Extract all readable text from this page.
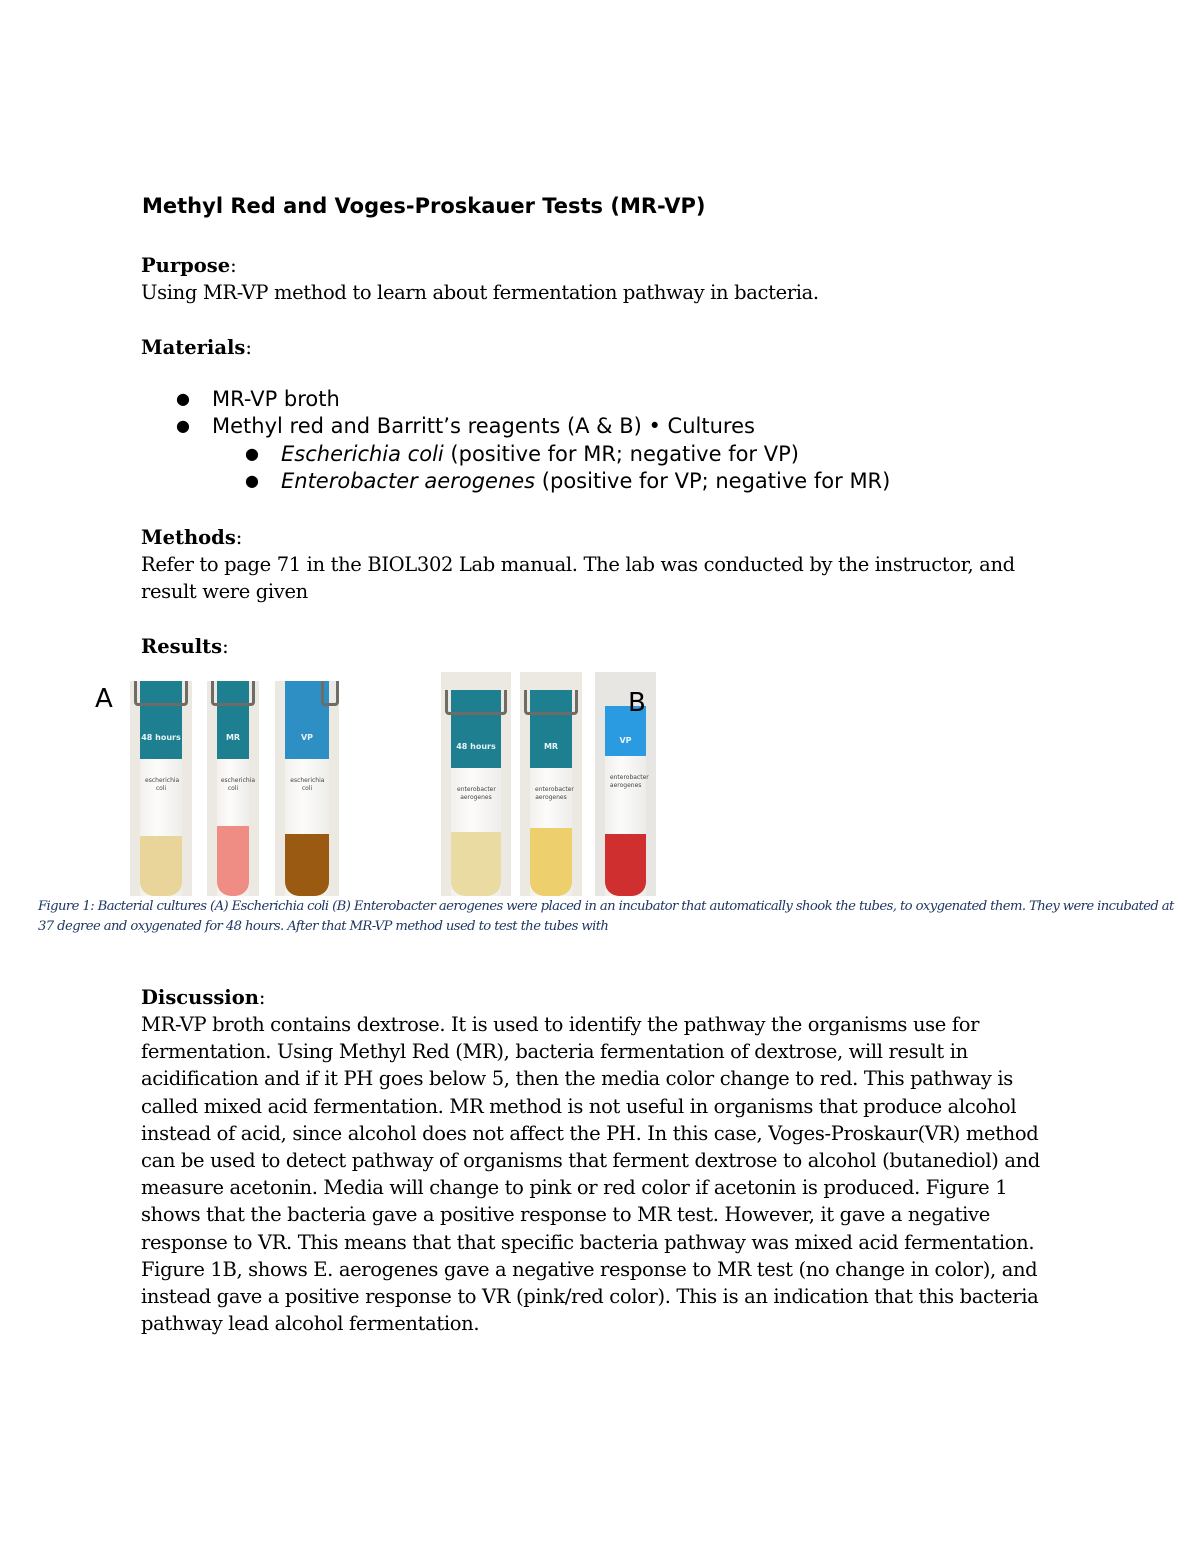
Methyl Red and Voges-Proskauer Tests (MR-VP)

Purpose:

Using MR-VP method to learn about fermentation pathway in bacteria.

Materials:

● MR-VP broth
● Methyl red and Barritt’s reagents (A & B) • Cultures
● Escherichia coli (positive for MR; negative for VP)
● Enterobacter aerogenes (positive for VP; negative for MR)

Methods:

Refer to page 71 in the BIOL302 Lab manual. The lab was conducted by the instructor, and result were given

Results:

A
48 hours
escherichia coli
MR
escherichia coli
VP
escherichia coli
48 hours
enterobacter aerogenes
MR
enterobacter aerogenes
VP
enterobacter aerogenes
B

Figure 1: Bacterial cultures (A) Escherichia coli (B) Enterobacter aerogenes were placed in an incubator that automatically shook the tubes, to oxygenated them. They were incubated at 37 degree and oxygenated for 48 hours. After that MR-VP method used to test the tubes with

Discussion:

MR-VP broth contains dextrose. It is used to identify the pathway the organisms use for fermentation. Using Methyl Red (MR), bacteria fermentation of dextrose, will result in acidification and if it PH goes below 5, then the media color change to red. This pathway is called mixed acid fermentation. MR method is not useful in organisms that produce alcohol instead of acid, since alcohol does not affect the PH. In this case, Voges-Proskaur(VR) method can be used to detect pathway of organisms that ferment dextrose to alcohol (butanediol) and measure acetonin. Media will change to pink or red color if acetonin is produced. Figure 1 shows that the bacteria gave a positive response to MR test. However, it gave a negative response to VR. This means that that specific bacteria pathway was mixed acid fermentation. Figure 1B, shows E. aerogenes gave a negative response to MR test (no change in color), and instead gave a positive response to VR (pink/red color). This is an indication that this bacteria pathway lead alcohol fermentation.
